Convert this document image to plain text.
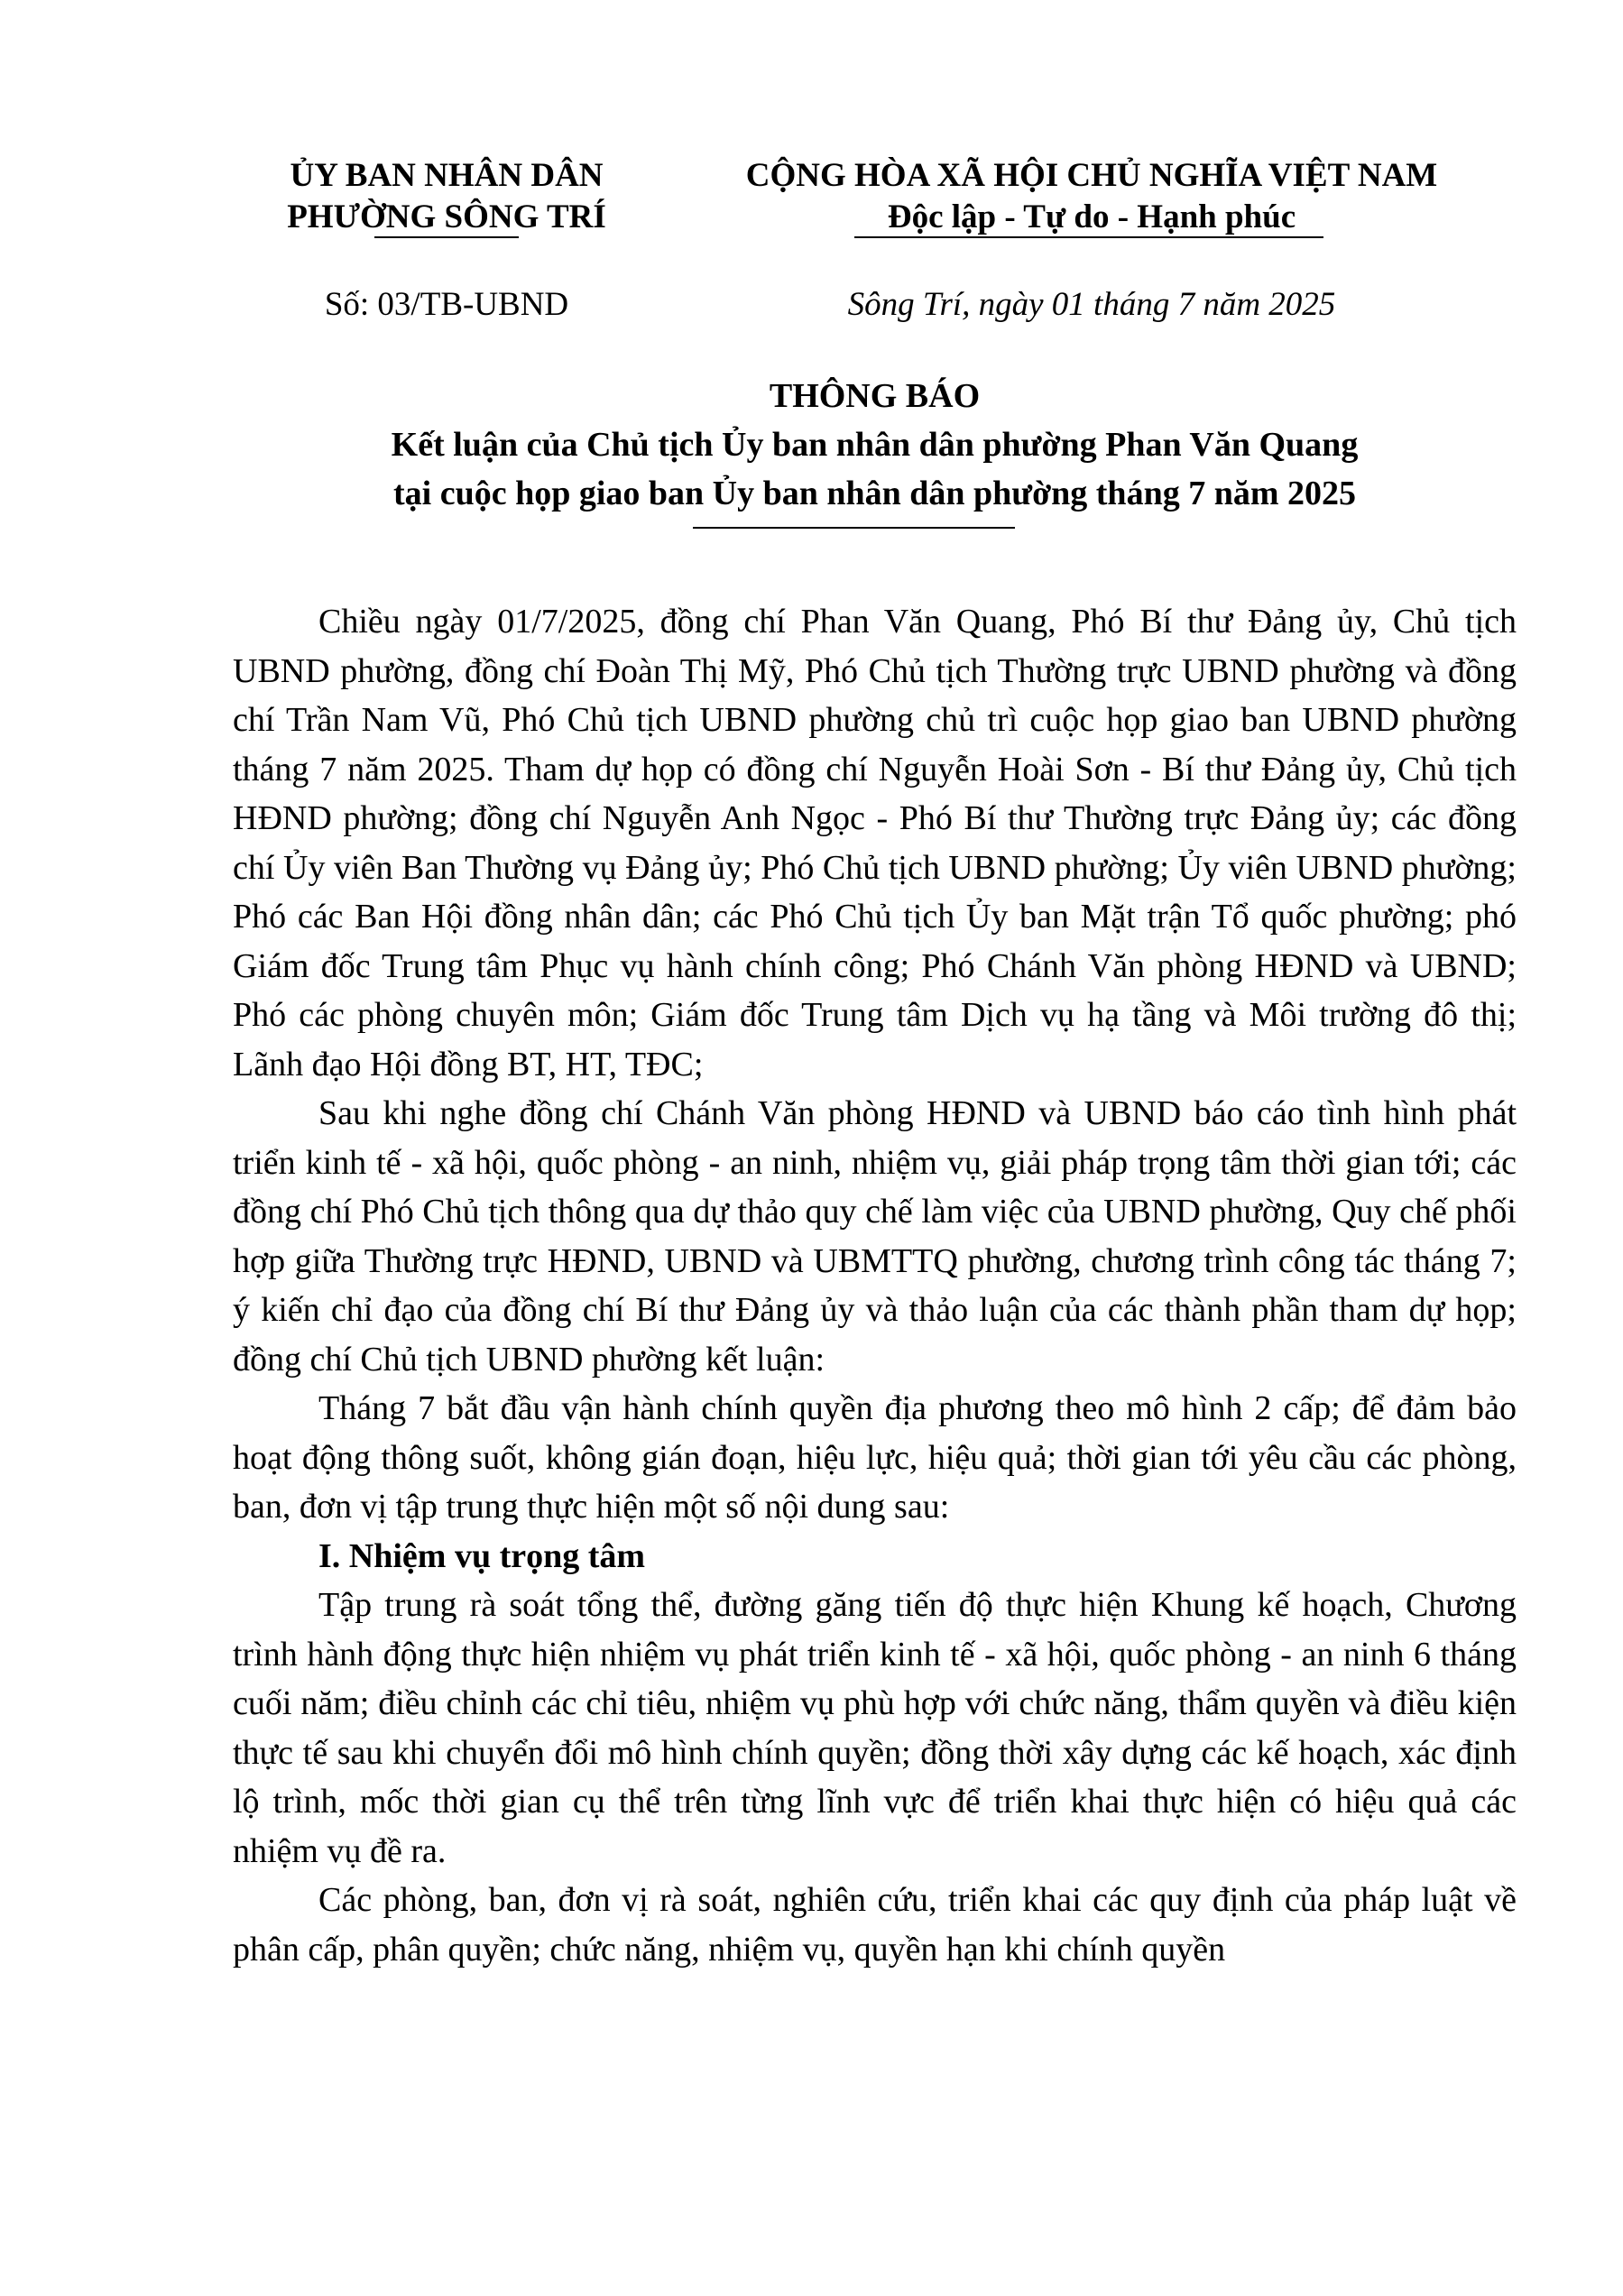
ỦY BAN NHÂN DÂN
PHƯỜNG SÔNG TRÍ
CỘNG HÒA XÃ HỘI CHỦ NGHĨA VIỆT NAM
Độc lập - Tự do - Hạnh phúc
Số: 03/TB-UBND	Sông Trí, ngày 01 tháng 7 năm 2025
THÔNG BÁO
Kết luận của Chủ tịch Ủy ban nhân dân phường Phan Văn Quang
tại cuộc họp giao ban Ủy ban nhân dân phường tháng 7 năm 2025

Chiều ngày 01/7/2025, đồng chí Phan Văn Quang, Phó Bí thư Đảng ủy, Chủ tịch UBND phường, đồng chí Đoàn Thị Mỹ, Phó Chủ tịch Thường trực UBND phường và đồng chí Trần Nam Vũ, Phó Chủ tịch UBND phường chủ trì cuộc họp giao ban UBND phường tháng 7 năm 2025. Tham dự họp có đồng chí Nguyễn Hoài Sơn - Bí thư Đảng ủy, Chủ tịch HĐND phường; đồng chí Nguyễn Anh Ngọc - Phó Bí thư Thường trực Đảng ủy; các đồng chí Ủy viên Ban Thường vụ Đảng ủy; Phó Chủ tịch UBND phường; Ủy viên UBND phường; Phó các Ban Hội đồng nhân dân; các Phó Chủ tịch Ủy ban Mặt trận Tổ quốc phường; phó Giám đốc Trung tâm Phục vụ hành chính công; Phó Chánh Văn phòng HĐND và UBND; Phó các phòng chuyên môn; Giám đốc Trung tâm Dịch vụ hạ tầng và Môi trường đô thị; Lãnh đạo Hội đồng BT, HT, TĐC;

Sau khi nghe đồng chí Chánh Văn phòng HĐND và UBND báo cáo tình hình phát triển kinh tế - xã hội, quốc phòng - an ninh, nhiệm vụ, giải pháp trọng tâm thời gian tới; các đồng chí Phó Chủ tịch thông qua dự thảo quy chế làm việc của UBND phường, Quy chế phối hợp giữa Thường trực HĐND, UBND và UBMTTQ phường, chương trình công tác tháng 7; ý kiến chỉ đạo của đồng chí Bí thư Đảng ủy và thảo luận của các thành phần tham dự họp; đồng chí Chủ tịch UBND phường kết luận:

Tháng 7 bắt đầu vận hành chính quyền địa phương theo mô hình 2 cấp; để đảm bảo hoạt động thông suốt, không gián đoạn, hiệu lực, hiệu quả; thời gian tới yêu cầu các phòng, ban, đơn vị tập trung thực hiện một số nội dung sau:

I. Nhiệm vụ trọng tâm

Tập trung rà soát tổng thể, đường găng tiến độ thực hiện Khung kế hoạch, Chương trình hành động thực hiện nhiệm vụ phát triển kinh tế - xã hội, quốc phòng - an ninh 6 tháng cuối năm; điều chỉnh các chỉ tiêu, nhiệm vụ phù hợp với chức năng, thẩm quyền và điều kiện thực tế sau khi chuyển đổi mô hình chính quyền; đồng thời xây dựng các kế hoạch, xác định lộ trình, mốc thời gian cụ thể trên từng lĩnh vực để triển khai thực hiện có hiệu quả các nhiệm vụ đề ra.

Các phòng, ban, đơn vị rà soát, nghiên cứu, triển khai các quy định của pháp luật về phân cấp, phân quyền; chức năng, nhiệm vụ, quyền hạn khi chính quyền
